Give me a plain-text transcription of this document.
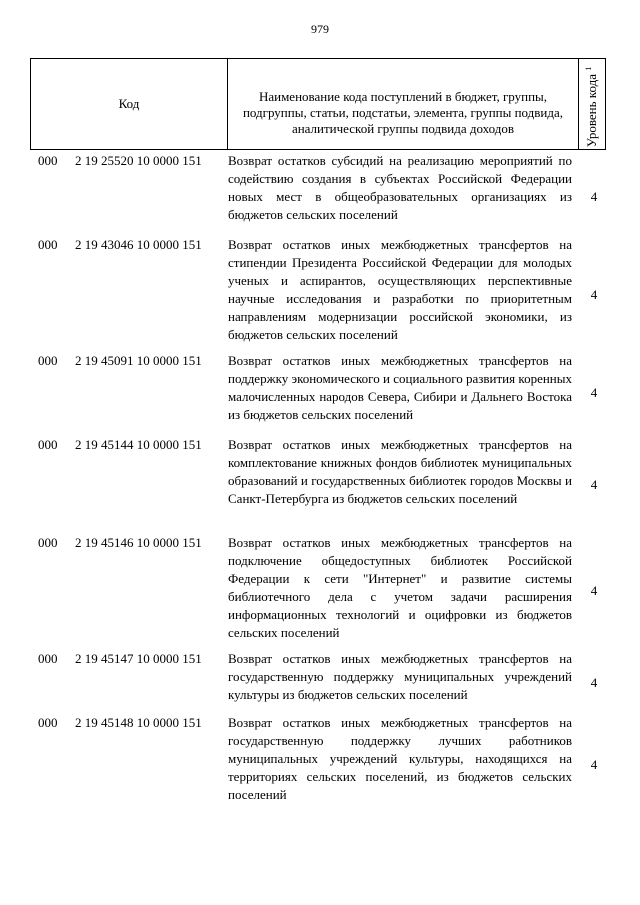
979
Код	Наименование кода поступлений в бюджет, группы, подгруппы, статьи, подстатьи, элемента, группы подвида, аналитической группы подвида доходов	Уровень кода $^1$
000 2 19 25520 10 0000 151 Возврат остатков субсидий на реализацию мероприятий по содействию создания в субъектах Российской Федерации новых мест в общеобразовательных организациях из бюджетов сельских поселений
4
000 2 19 43046 10 0000 151 Возврат остатков иных межбюджетных трансфертов на стипендии Президента Российской Федерации для молодых ученых и аспирантов, осуществляющих перспективные научные исследования и разработки по приоритетным направлениям модернизации российской экономики, из бюджетов сельских поселений
4
000 2 19 45091 10 0000 151 Возврат остатков иных межбюджетных трансфертов на поддержку экономического и социального развития коренных малочисленных народов Севера, Сибири и Дальнего Востока из бюджетов сельских поселений
4
000 2 19 45144 10 0000 151 Возврат остатков иных межбюджетных трансфертов на комплектование книжных фондов библиотек муниципальных образований и государственных библиотек городов Москвы и Санкт-Петербурга из бюджетов сельских поселений
4
000 2 19 45146 10 0000 151 Возврат остатков иных межбюджетных трансфертов на подключение общедоступных библиотек Российской Федерации к сети "Интернет" и развитие системы библиотечного дела с учетом задачи расширения информационных технологий и оцифровки из бюджетов сельских поселений
4
000 2 19 45147 10 0000 151 Возврат остатков иных межбюджетных трансфертов на государственную поддержку муниципальных учреждений культуры из бюджетов сельских поселений
4
000 2 19 45148 10 0000 151 Возврат остатков иных межбюджетных трансфертов на государственную поддержку лучших работников муниципальных учреждений культуры, находящихся на территориях сельских поселений, из бюджетов сельских поселений
4
